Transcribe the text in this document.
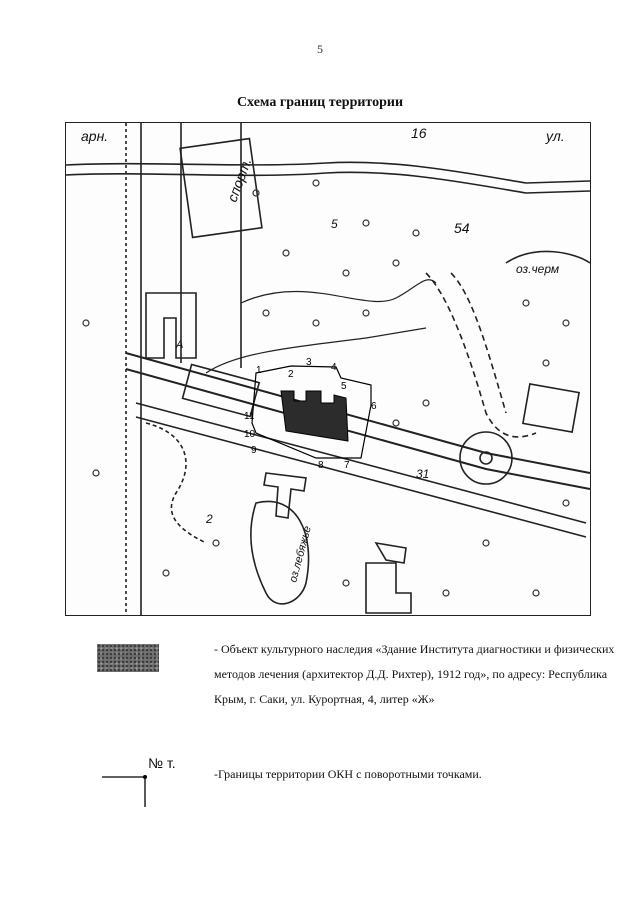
5
Схема границ территории
арн.
спорт.
ул.
16
54
оз.черм
оз.лебяжье
А
2
5
31
1	2
3 4
5
6
7
8
9
10
11
- Объект культурного наследия «Здание Института диагностики и физических методов лечения (архитектор Д.Д. Рихтер), 1912 год», по адресу: Республика Крым, г. Саки, ул. Курортная, 4, литер «Ж»
№ т.
-Границы территории ОКН с поворотными точками.
